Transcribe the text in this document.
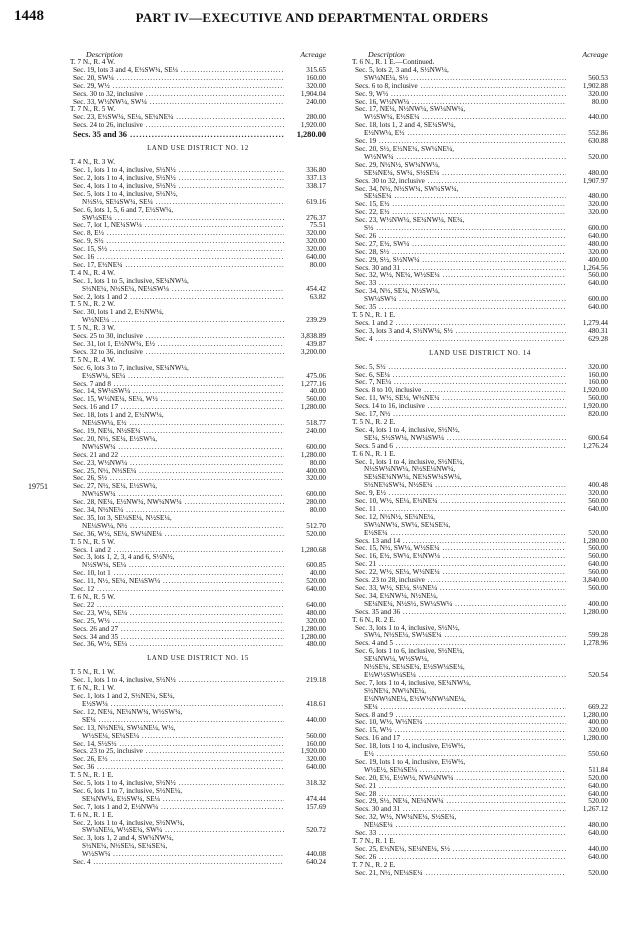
1448	PART IV—EXECUTIVE AND DEPARTMENTAL ORDERS
19751
Description	Acreage
T. 7 N., R. 4 W.
Sec. 19, lots 3 and 4, E½SW¼, SE¼ .....	315.65
Sec. 20, SW¼ .....	160.00
Sec. 29, W½ .....	320.00
Secs. 30 to 32, inclusive .....	1,904.04
Sec. 33, W½NW¼, SW¼ .....	240.00
T. 7 N., R. 5 W.
Sec. 23, E½SW¼, SE¼, SE¼NE¼ .....	280.00
Secs. 24 to 26, inclusive .....	1,920.00
Secs. 35 and 36 .....	1,280.00
LAND USE DISTRICT NO. 12
T. 4 N., R. 3 W.
Sec. 1, lots 1 to 4, inclusive, S½N½ .....	336.80
Sec. 2, lots 1 to 4, inclusive, S½N½ .....	337.13
Sec. 4, lots 1 to 4, inclusive, S½N½ .....	338.17
Sec. 5, lots 1 to 4, inclusive, S½N½,
N½S½, SE¼SW¼, SE¼ .....	619.16
Sec. 6, lots 1, 5, 6 and 7, E½SW¼,
SW¼SE¼ .....	276.37
Sec. 7, lot 1, NE¼SW¼ .....	75.51
Sec. 8, E½ .....	320.00
Sec. 9, S½ .....	320.00
Sec. 15, S½ .....	320.00
Sec. 16 .....	640.00
Sec. 17, E½NE¼ .....	80.00
T. 4 N., R. 4 W.
Sec. 1, lots 1 to 5, inclusive, SE¼NW¼,
S½NE¼, N½SE¼, NE¼SW¼ .....	454.42
Sec. 2, lots 1 and 2 .....	63.82
T. 5 N., R. 2 W.
Sec. 30, lots 1 and 2, E½NW¼,
W½NE¼ .....	239.29
T. 5 N., R. 3 W.
Secs. 25 to 30, inclusive .....	3,838.89
Sec. 31, lot 1, E½NW¼, E½ .....	439.87
Secs. 32 to 36, inclusive .....	3,200.00
T. 5 N., R. 4 W.
Sec. 6, lots 3 to 7, inclusive, SE¼NW¼,
E½SW¼, SE¼ .....	475.06
Secs. 7 and 8 .....	1,277.16
Sec. 14, SW¼SW¼ .....	40.00
Sec. 15, W½NE¼, SE¼, W½ .....	560.00
Secs. 16 and 17 .....	1,280.00
Sec. 18, lots 1 and 2, E½NW¼,
NE¼SW¼, E½ .....	518.77
Sec. 19, NE¼, N½SE¼ .....	240.00
Sec. 20, N½, SE¼, E½SW¼,
NW¼SW¼ .....	600.00
Secs. 21 and 22 .....	1,280.00
Sec. 23, W½NW¼ .....	80.00
Sec. 25, N½, N½SE¼ .....	400.00
Sec. 26, S½ .....	320.00
Sec. 27, N½, SE¼, E½SW¼,
NW¼SW¼ .....	600.00
Sec. 28, NE¼, E½NW¼, NW¼NW¼ .....	280.00
Sec. 34, N½NE¼ .....	80.00
Sec. 35, lot 3, SE¼SE¼, N½SE¼,
NE¼SW¼, N½ .....	512.70
Sec. 36, W½, SE¼, SW¼NE¼ .....	520.00
T. 5 N., R. 5 W.
Secs. 1 and 2 .....	1,280.68
Sec. 3, lots 1, 2, 3, 4 and 6, S½N½,
N½SW¼, SE¼ .....	600.85
Sec. 10, lot 1 .....	40.00
Sec. 11, N½, SE¼, NE¼SW¼ .....	520.00
Sec. 12 .....	640.00
T. 6 N., R. 5 W.
Sec. 22 .....	640.00
Sec. 23, W½, SE¼ .....	480.00
Sec. 25, W½ .....	320.00
Secs. 26 and 27 .....	1,280.00
Secs. 34 and 35 .....	1,280.00
Sec. 36, W½, SE¼ .....	480.00
LAND USE DISTRICT NO. 15
T. 5 N., R. 1 W.
Sec. 1, lots 1 to 4, inclusive, S½N½ .....	219.18
T. 6 N., R. 1 W.
Sec. 1, lots 1 and 2, S½NE¼, SE¼,
E½SW¼ .....	418.61
Sec. 12, NE¼, NE¼NW¼, W½SW¼,
SE¼ .....	440.00
Sec. 13, N½NE¼, SW¼NE¼, W½,
W½SE¼, SE¼SE¼ .....	560.00
Sec. 14, S½S½ .....	160.00
Secs. 23 to 25, inclusive .....	1,920.00
Sec. 26, E½ .....	320.00
Sec. 36 .....	640.00
T. 5 N., R. 1 E.
Sec. 5, lots 1 to 4, inclusive, S½N½ .....	318.32
Sec. 6, lots 1 to 7, inclusive, S½NE¼,
SE¼NW¼, E½SW¼, SE¼ .....	474.44
Sec. 7, lots 1 and 2, E½NW¼ .....	157.69
T. 6 N., R. 1 E.
Sec. 2, lots 1 to 4, inclusive, S½NW¼,
SW¼NE¼, W½SE¼, SW¼ .....	520.72
Sec. 3, lots 1, 2 and 4, SW¼NW¼,
S½NE¼, N½SE¼, SE¼SE¼,
W½SW¼ .....	440.08
Sec. 4 .....	640.24
Description	Acreage
T. 6 N., R. 1 E.—Continued.
Sec. 5, lots 2, 3 and 4, S½NW¼,
SW¼NE¼, S½ .....	560.53
Secs. 6 to 8, inclusive .....	1,902.88
Sec. 9, W½ .....	320.00
Sec. 16, W½NW¼ .....	80.00
Sec. 17, NE¼, N½NW¼, SW¼NW¼,
W½SW¼, E½SE¼ .....	440.00
Sec. 18, lots 1, 2 and 4, SE¼SW¼,
E½NW¼, E½ .....	552.86
Sec. 19 .....	630.88
Sec. 20, S½, E½NE¼, SW¼NE¼,
W½NW¼ .....	520.00
Sec. 29, N½N½, SW¼NW¼,
SE¼NE¼, SW¼, S½SE¼ .....	480.00
Secs. 30 to 32, inclusive .....	1,907.97
Sec. 34, N½, N½SW¼, SW¼SW¼,
SE¼SE¼ .....	480.00
Sec. 15, E½ .....	320.00
Sec. 22, E½ .....	320.00
Sec. 23, W½NW¼, SE¼NW¼, NE¼,
S½ .....	600.00
Sec. 26 .....	640.00
Sec. 27, E½, SW¼ .....	480.00
Sec. 28, S½ .....	320.00
Sec. 29, S½, S½NW¼ .....	400.00
Secs. 30 and 31 .....	1,264.56
Sec. 32, W½, NE¼, W½SE¼ .....	560.00
Sec. 33 .....	640.00
Sec. 34, N½, SE¼, N½SW¼,
SW¼SW¼ .....	600.00
Sec. 35 .....	640.00
T. 5 N., R. 1 E.
Secs. 1 and 2 .....	1,279.44
Sec. 3, lots 3 and 4, S½NW¼, S½ .....	480.31
Sec. 4 .....	629.28
LAND USE DISTRICT NO. 14
Sec. 5, S½ .....	320.00
Sec. 6, SE¼ .....	160.00
Sec. 7, NE¼ .....	160.00
Secs. 8 to 10, inclusive .....	1,920.00
Sec. 11, W½, SE¼, W½NE¼ .....	560.00
Secs. 14 to 16, inclusive .....	1,920.00
Sec. 17, N½ .....	820.00
T. 5 N., R. 2 E.
Sec. 4, lots 1 to 4, inclusive, S½N½,
SE¼, S½SW¼, NW¼SW¼ .....	600.64
Secs. 5 and 6 .....	1,276.24
T. 6 N., R. 1 E.
Sec. 1, lots 1 to 4, inclusive, S½NE¼,
N½SW¼NW¼, N½SE¼NW¼,
SE¼SE¼NW¼, NE¼SW¼SW¼,
S½NE¼SW¼, N½SE¼ .....	400.48
Sec. 9, E½ .....	320.00
Sec. 10, W½, SE¼, E½NE¼ .....	560.00
Sec. 11 .....	640.00
Sec. 12, N½N½, SE¼NE¼,
SW¼NW¼, SW¼, SE¼SE¼,
E½SE¼ .....	520.00
Secs. 13 and 14 .....	1,280.00
Sec. 15, N½, SW¼, W½SE¼ .....	560.00
Sec. 16, E½, SW¼, E½NW¼ .....	560.00
Sec. 21 .....	640.00
Sec. 22, W½, SE¼, W½NE¼ .....	560.00
Secs. 23 to 28, inclusive .....	3,840.00
Sec. 33, W½, SE¼, S½NE¼ .....	560.00
Sec. 34, E½NW¼, N½NE¼,
SE¼NE¼, N½S½, SW¼SW¼ .....	400.00
Secs. 35 and 36 .....	1,280.00
T. 6 N., R. 2 E.
Sec. 3, lots 1 to 4, inclusive, S½N½,
SW¼, N½SE¼, SW¼SE¼ .....	599.28
Secs. 4 and 5 .....	1,278.96
Sec. 6, lots 1 to 6, inclusive, S½NE¼,
SE¼NW¼, W½SW¼,
N½SE¼, SE¼SE¼, E½SW¼SE¼,
E½W½SW¼SE¼ .....	520.54
Sec. 7, lots 1 to 4, inclusive, SE¼NW¼,
S½NE¼, NW¼NE¼,
E½NW¼NE¼, E½W½NW¼NE¼,
SE¼ .....	669.22
Secs. 8 and 9 .....	1,280.00
Sec. 10, W½, W½NE¼ .....	400.00
Sec. 15, W½ .....	320.00
Secs. 16 and 17 .....	1,280.00
Sec. 18, lots 1 to 4, inclusive, E½W½,
E½ .....	550.60
Sec. 19, lots 1 to 4, inclusive, E½W½,
W½E½, SE¼SE¼ .....	511.84
Sec. 20, E½, E½W½, NW¼NW¼ .....	520.00
Sec. 21 .....	640.00
Sec. 28 .....	640.00
Sec. 29, S½, NE¼, NE¼NW¼ .....	520.00
Secs. 30 and 31 .....	1,267.12
Sec. 32, W½, NW¼NE¼, S½SE¼,
NE¼SE¼ .....	480.00
Sec. 33 .....	640.00
T. 7 N., R. 1 E.
Sec. 25, E½NE¼, SE¼NE¼, S½ .....	440.00
Sec. 26 .....	640.00
T. 7 N., R. 2 E.
Sec. 21, N½, NE¼SE¼ .....	520.00
